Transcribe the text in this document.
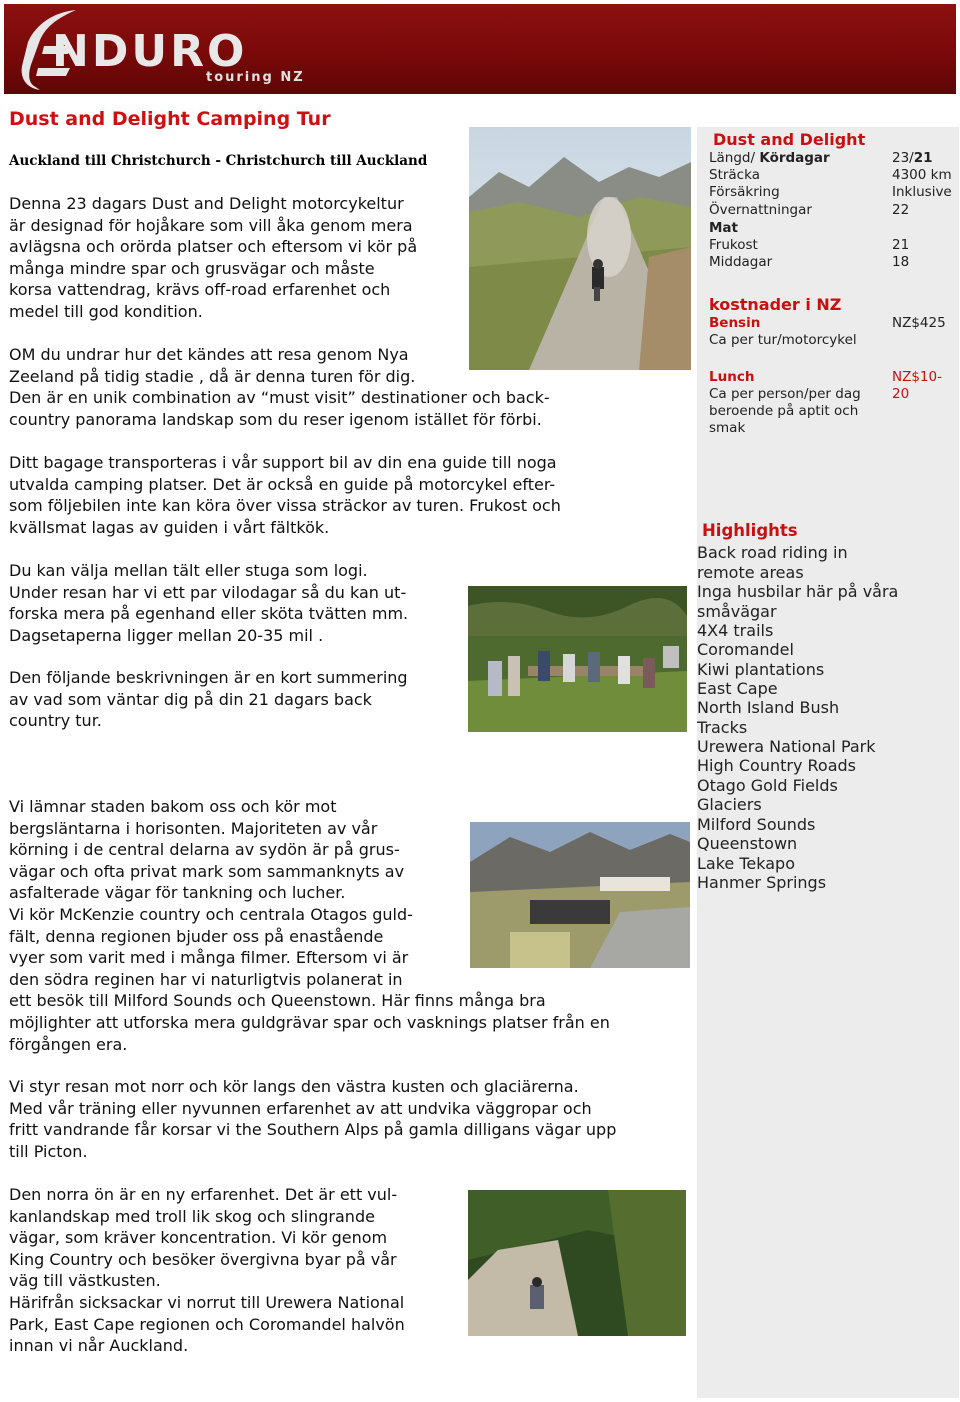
NDURO
touring NZ
Dust and Delight Camping Tur
Auckland till Christchurch - Christchurch till Auckland
Denna 23 dagars Dust and Delight motorcykeltur
är designad för hojåkare som vill åka genom mera
avlägsna och orörda platser och eftersom vi kör på
många mindre spar och grusvägar och måste
korsa vattendrag, krävs off-road erfarenhet och
medel till god kondition.
OM du undrar hur det kändes att resa genom Nya
Zeeland på tidig stadie , då är denna turen för dig.
Den är en unik combination av “must visit” destinationer och back-
country panorama landskap som du reser igenom istället för förbi.
Ditt bagage transporteras i vår support bil av din ena guide till noga
utvalda camping platser. Det är också en guide på motorcykel efter-
som följebilen inte kan köra över vissa sträckor av turen. Frukost och
kvällsmat lagas av guiden i vårt fältkök.
Du kan välja mellan tält eller stuga som logi.
Under resan har vi ett par vilodagar så du kan ut-
forska mera på egenhand eller sköta tvätten mm.
Dagsetaperna ligger mellan 20-35 mil .
Den följande beskrivningen är en kort summering
av vad som väntar dig på din 21 dagars back
country tur.
Vi lämnar staden bakom oss och kör mot
bergsläntarna i horisonten. Majoriteten av vår
körning i de central delarna av sydön är på grus-
vägar och ofta privat mark som sammanknyts av
asfalterade vägar för tankning och lucher.
Vi kör McKenzie country och centrala Otagos guld-
fält, denna regionen bjuder oss på enastående
vyer som varit med i många filmer. Eftersom vi är
den södra reginen har vi naturligtvis polanerat in
ett besök till Milford Sounds och Queenstown. Här finns många bra
möjlighter att utforska mera guldgrävar spar och vasknings platser från en
förgången era.
Vi styr resan mot norr och kör langs den västra kusten och glaciärerna.
Med vår träning eller nyvunnen erfarenhet av att undvika väggropar och
fritt vandrande får korsar vi the Southern Alps på gamla dilligans vägar upp
till Picton.
Den norra ön är en ny erfarenhet. Det är ett vul-
kanlandskap med troll lik skog och slingrande
vägar, som kräver koncentration. Vi kör genom
King Country och besöker övergivna byar på vår
väg till västkusten.
Härifrån sicksackar vi norrut till Urewera National
Park, East Cape regionen och Coromandel halvön
innan vi når Auckland.
Dust and Delight
Längd/ Kördagar	23/21
Sträcka	4300 km
Försäkring	Inklusive
Övernattningar	22
Mat
Frukost	21
Middagar	18
kostnader i NZ
Bensin	NZ$425
Ca per tur/motorcykel
Lunch	NZ$10-
20
Ca per person/per dag
beroende på aptit och
smak
Highlights
Back road riding in
remote areas
Inga husbilar här på våra
småvägar
4X4 trails
Coromandel
Kiwi plantations
East Cape
North Island Bush
Tracks
Urewera National Park
High Country Roads
Otago Gold Fields
Glaciers
Milford Sounds
Queenstown
Lake Tekapo
Hanmer Springs
